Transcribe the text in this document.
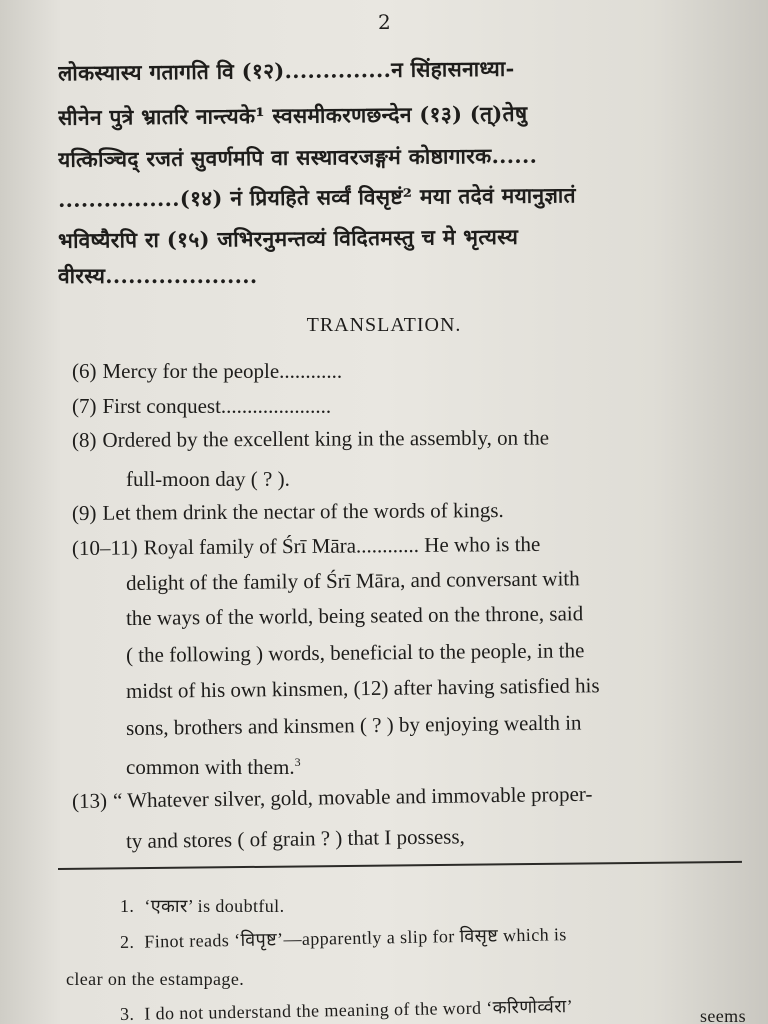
2
लोकस्यास्य गतागति वि (१२)..............न सिंहासनाध्या-
सीनेन पुत्रे भ्रातरि नान्त्यके¹ स्वसमीकरणछन्देन (१३) (त्)तेषु
यत्किञ्चिद् रजतं सुवर्णमपि वा सस्थावरजङ्गमं कोष्ठागारक......
................(१४) नं प्रियहिते सर्व्वं विसृष्टं² मया तदेवं मयानुज्ञातं
भविष्यैरपि रा (१५) जभिरनुमन्तव्यं विदितमस्तु च मे भृत्यस्य
वीरस्य....................
TRANSLATION.
(6) Mercy for the people............
(7) First conquest.....................
(8) Ordered by the excellent king in the assembly, on the
full-moon day ( ? ).
(9) Let them drink the nectar of the words of kings.
(10–11) Royal family of Śrī Māra............ He who is the
delight of the family of Śrī Māra, and conversant with
the ways of the world, being seated on the throne, said
( the following ) words, beneficial to the people, in the
midst of his own kinsmen, (12) after having satisfied his
sons, brothers and kinsmen ( ? ) by enjoying wealth in
common with them.$^3$
(13) “ Whatever silver, gold, movable and immovable proper-
ty and stores ( of grain ? ) that I possess,
1. ‘एकार’ is doubtful.
2. Finot reads ‘विपृष्ट’—apparently a slip for विसृष्ट which is
clear on the estampage.
3. I do not understand the meaning of the word ‘करिणोर्व्वरा’	seems
